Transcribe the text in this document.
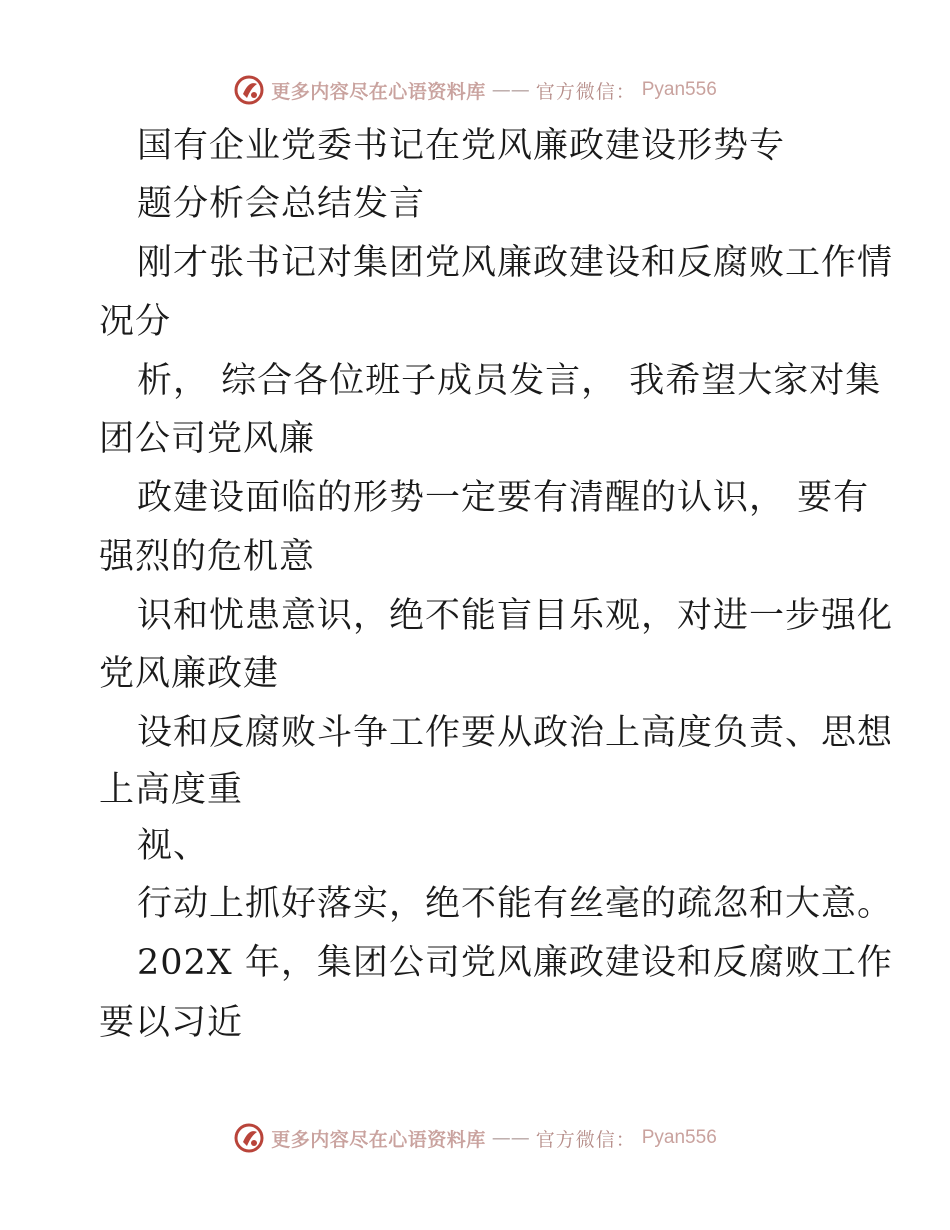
更多内容尽在心语资料库 —— 官方微信： Pyan556
国有企业党委书记在党风廉政建设形势专
题分析会总结发言
刚才张书记对集团党风廉政建设和反腐败工作情
况分
析， 综合各位班子成员发言， 我希望大家对集
团公司党风廉
政建设面临的形势一定要有清醒的认识， 要有
强烈的危机意
识和忧患意识，绝不能盲目乐观，对进一步强化
党风廉政建
设和反腐败斗争工作要从政治上高度负责、思想
上高度重
视、
行动上抓好落实，绝不能有丝毫的疏忽和大意。
202X 年，集团公司党风廉政建设和反腐败工作
要以习近
更多内容尽在心语资料库 —— 官方微信： Pyan556
